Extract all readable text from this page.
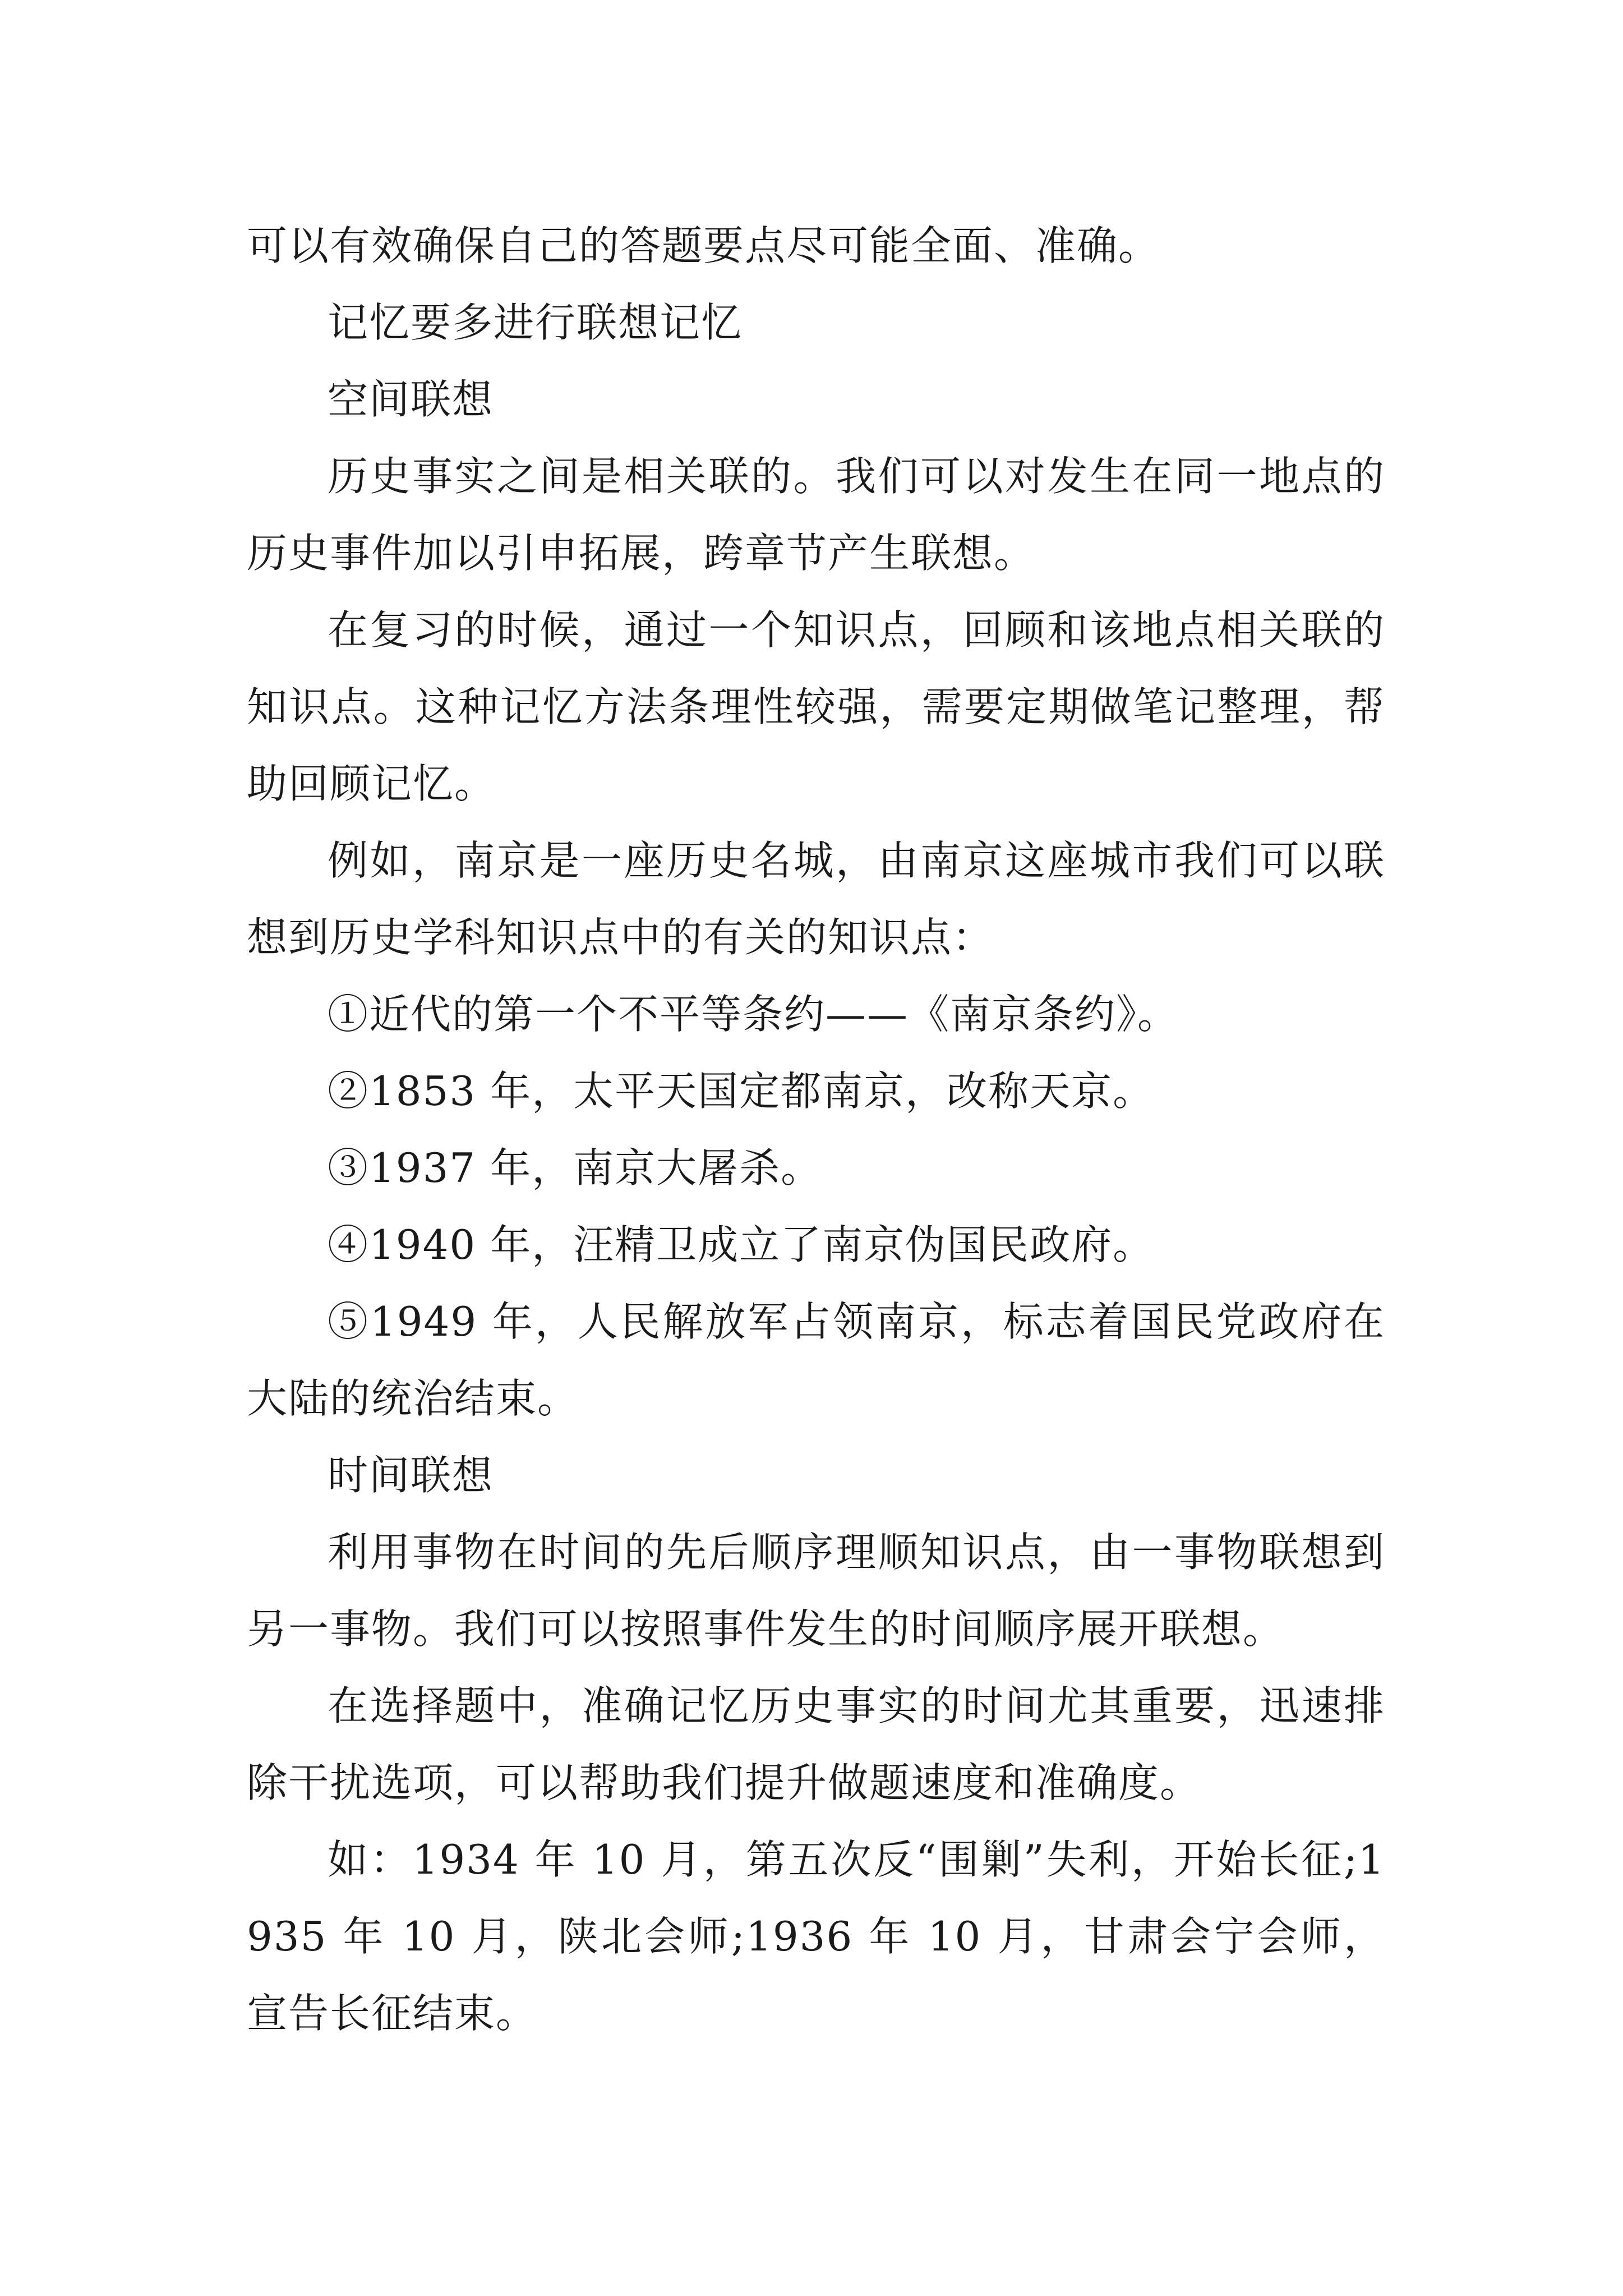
可以有效确保自己的答题要点尽可能全面、准确。

记忆要多进行联想记忆

空间联想

历史事实之间是相关联的。我们可以对发生在同一地点的历史事件加以引申拓展，跨章节产生联想。

在复习的时候，通过一个知识点，回顾和该地点相关联的知识点。这种记忆方法条理性较强，需要定期做笔记整理，帮助回顾记忆。

例如，南京是一座历史名城，由南京这座城市我们可以联想到历史学科知识点中的有关的知识点：

①近代的第一个不平等条约——《南京条约》。

②1853 年，太平天国定都南京，改称天京。

③1937 年，南京大屠杀。

④1940 年，汪精卫成立了南京伪国民政府。

⑤1949 年，人民解放军占领南京，标志着国民党政府在大陆的统治结束。

时间联想

利用事物在时间的先后顺序理顺知识点，由一事物联想到另一事物。我们可以按照事件发生的时间顺序展开联想。

在选择题中，准确记忆历史事实的时间尤其重要，迅速排除干扰选项，可以帮助我们提升做题速度和准确度。

如：1934 年 10 月，第五次反“围剿”失利，开始长征;1935 年 10 月，陕北会师;1936 年 10 月，甘肃会宁会师，宣告长征结束。
